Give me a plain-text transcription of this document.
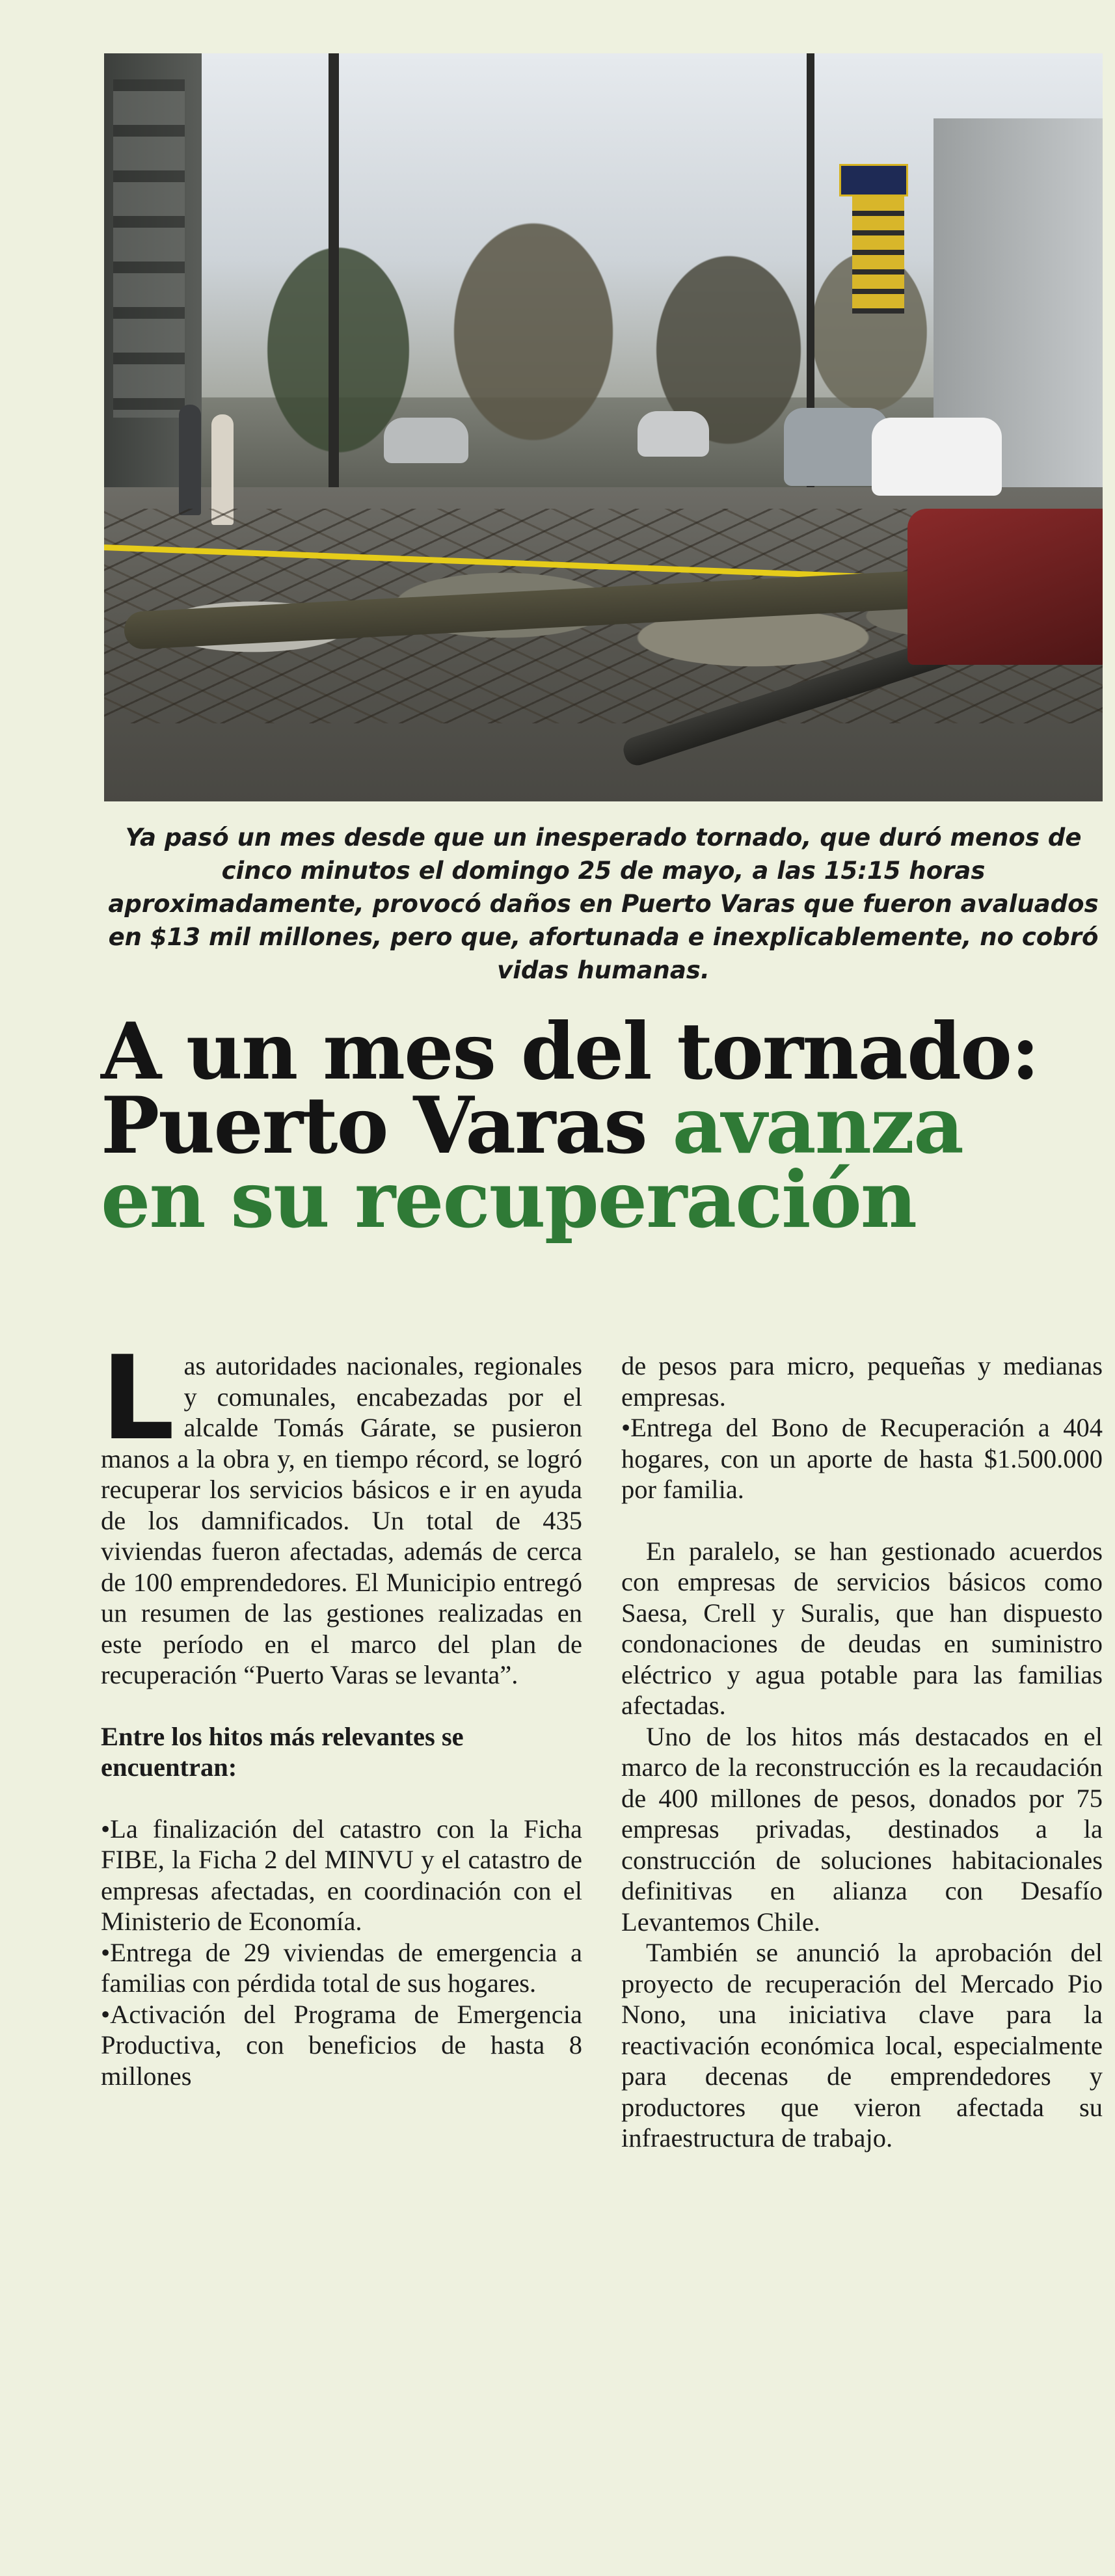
Ya pasó un mes desde que un inesperado tornado, que duró menos de cinco minutos el domingo 25 de mayo, a las 15:15 horas aproximadamente, provocó daños en Puerto Varas que fueron avaluados en $13 mil millones, pero que, afortunada e inexplicablemente, no cobró vidas humanas.

A un mes del tornado:
Puerto Varas avanza
en su recuperación

Las autoridades nacionales, regionales y comunales, encabezadas por el alcalde Tomás Gárate, se pusieron manos a la obra y, en tiempo récord, se logró recuperar los servicios básicos e ir en ayuda de los damnificados. Un total de 435 viviendas fueron afectadas, además de cerca de 100 emprendedores. El Municipio entregó un resumen de las gestiones realizadas en este período en el marco del plan de recuperación “Puerto Varas se levanta”.

Entre los hitos más relevantes se encuentran:

•La finalización del catastro con la Ficha FIBE, la Ficha 2 del MINVU y el catastro de empresas afectadas, en coordinación con el Ministerio de Economía.

•Entrega de 29 viviendas de emergencia a familias con pérdida total de sus hogares.

•Activación del Programa de Emergencia Productiva, con beneficios de hasta 8 millones

de pesos para micro, pequeñas y medianas empresas.

•Entrega del Bono de Recuperación a 404 hogares, con un aporte de hasta $1.500.000 por familia.

En paralelo, se han gestionado acuerdos con empresas de servicios básicos como Saesa, Crell y Suralis, que han dispuesto condonaciones de deudas en suministro eléctrico y agua potable para las familias afectadas.

Uno de los hitos más destacados en el marco de la reconstrucción es la recaudación de 400 millones de pesos, donados por 75 empresas privadas, destinados a la construcción de soluciones habitacionales definitivas en alianza con Desafío Levantemos Chile.

También se anunció la aprobación del proyecto de recuperación del Mercado Pio Nono, una iniciativa clave para la reactivación económica local, especialmente para decenas de emprendedores y productores que vieron afectada su infraestructura de trabajo.
